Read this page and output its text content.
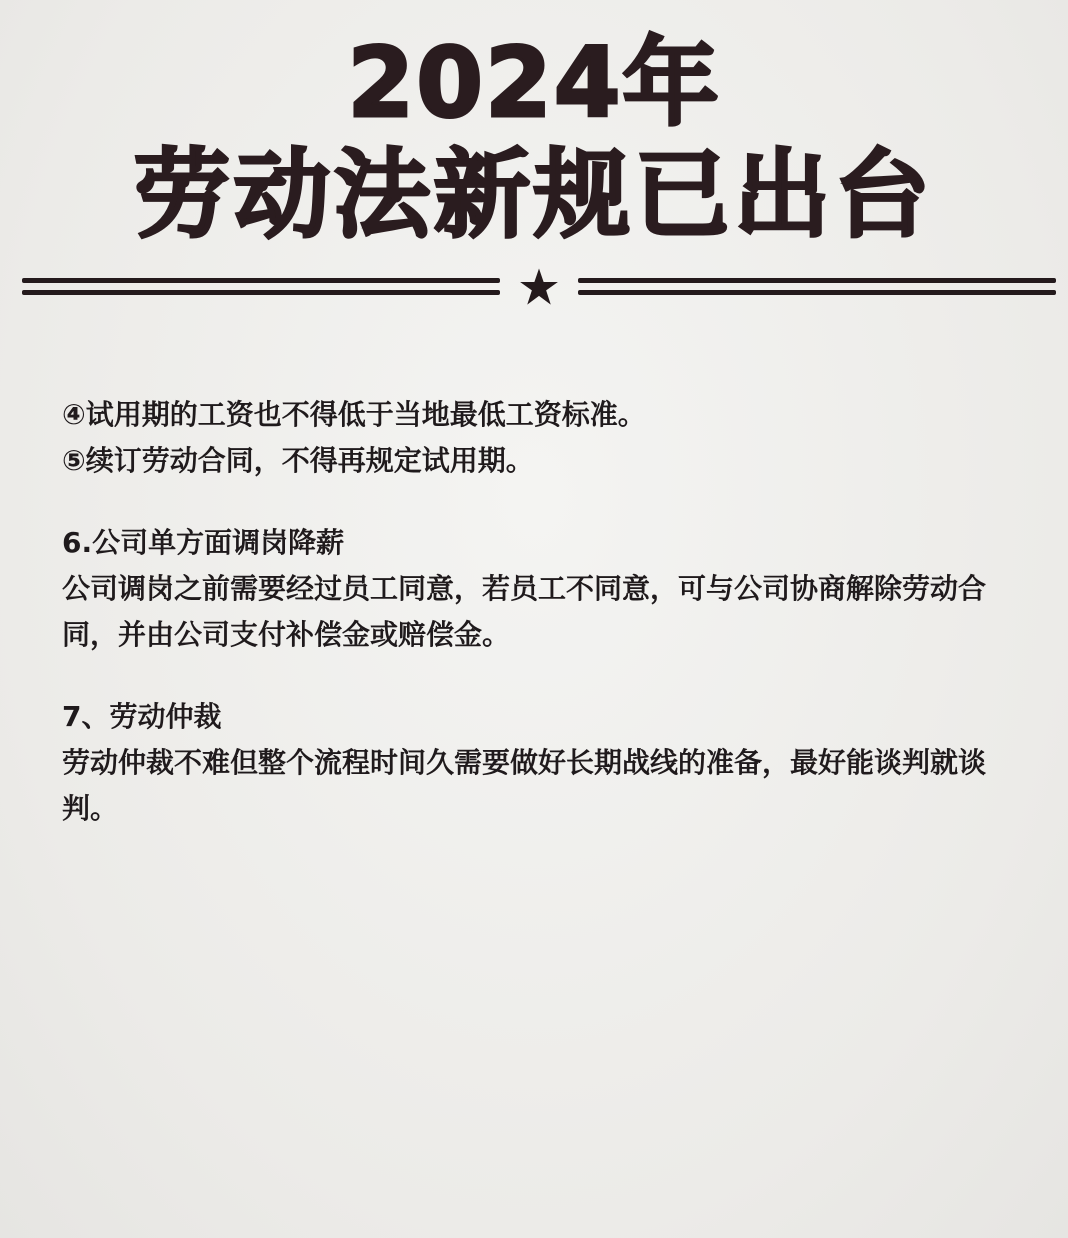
2024年
劳动法新规已出台
④试用期的工资也不得低于当地最低工资标准。
⑤续订劳动合同，不得再规定试用期。
6.公司单方面调岗降薪
公司调岗之前需要经过员工同意，若员工不同意，可与公司协商解除劳动合同，并由公司支付补偿金或赔偿金。
7、劳动仲裁
劳动仲裁不难但整个流程时间久需要做好长期战线的准备，最好能谈判就谈判。
